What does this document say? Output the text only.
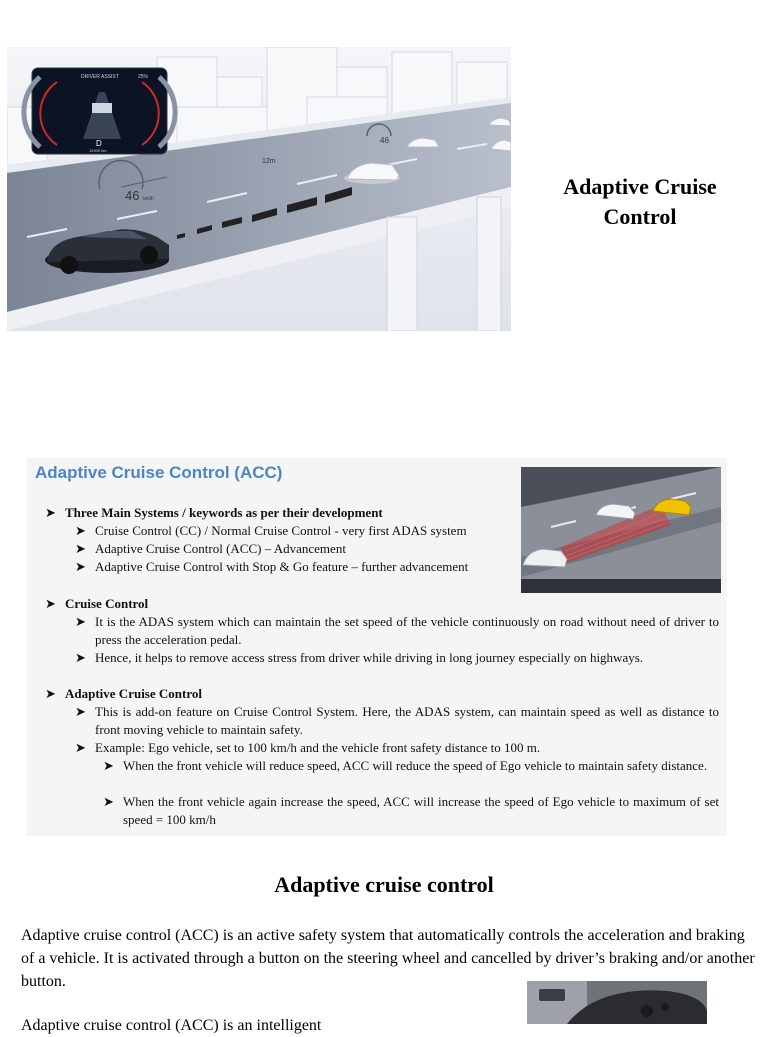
46 km/h
46
12m
DRIVER ASSIST	25%
D
12400 km
Adaptive Cruise Control
Adaptive Cruise Control (ACC)
➤ Three Main Systems / keywords as per their development
➤ Cruise Control (CC) / Normal Cruise Control - very first ADAS system
➤ Adaptive Cruise Control (ACC) – Advancement
➤ Adaptive Cruise Control with Stop & Go feature – further advancement
➤ Cruise Control
➤ It is the ADAS system which can maintain the set speed of the vehicle continuously on road without need of driver to press the acceleration pedal.
➤ Hence, it helps to remove access stress from driver while driving in long journey especially on highways.
➤ Adaptive Cruise Control
➤ This is add-on feature on Cruise Control System. Here, the ADAS system, can maintain speed as well as distance to front moving vehicle to maintain safety.
➤ Example: Ego vehicle, set to 100 km/h and the vehicle front safety distance to 100 m.
➤ When the front vehicle will reduce speed, ACC will reduce the speed of Ego vehicle to maintain safety distance.
➤ When the front vehicle again increase the speed, ACC will increase the speed of Ego vehicle to maximum of set speed = 100 km/h
Adaptive cruise control
Adaptive cruise control (ACC) is an active safety system that automatically controls the acceleration and braking of a vehicle. It is activated through a button on the steering wheel and cancelled by driver’s braking and/or another button.
Adaptive cruise control (ACC) is an intelligent
